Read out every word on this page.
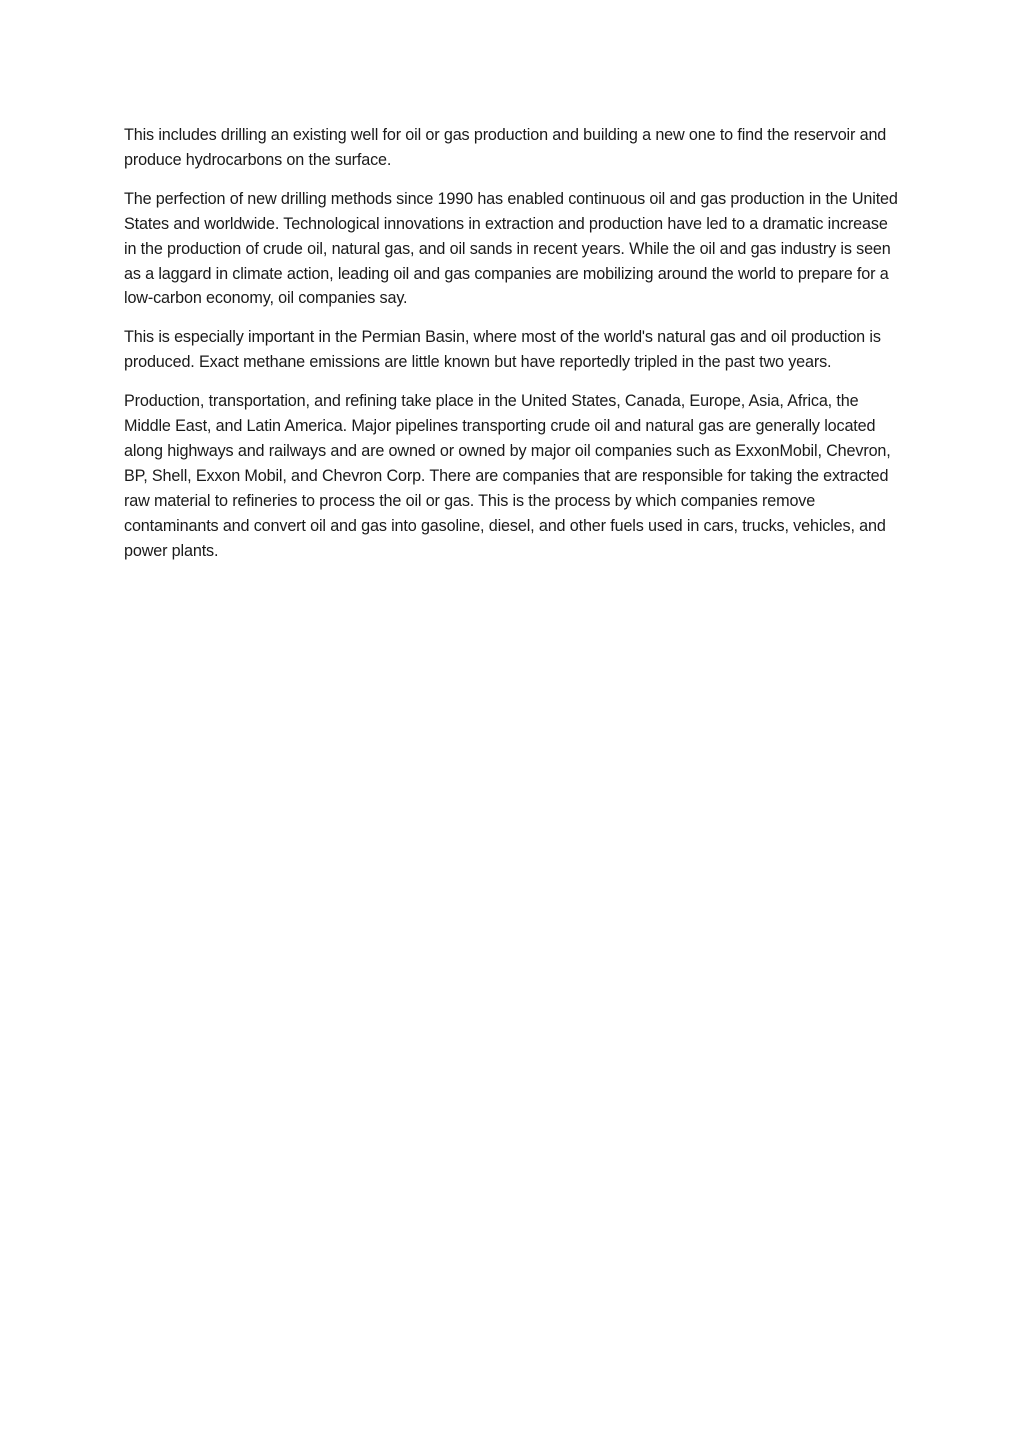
This includes drilling an existing well for oil or gas production and building a new one to find the reservoir and produce hydrocarbons on the surface.

The perfection of new drilling methods since 1990 has enabled continuous oil and gas production in the United States and worldwide. Technological innovations in extraction and production have led to a dramatic increase in the production of crude oil, natural gas, and oil sands in recent years. While the oil and gas industry is seen as a laggard in climate action, leading oil and gas companies are mobilizing around the world to prepare for a low-carbon economy, oil companies say.

This is especially important in the Permian Basin, where most of the world's natural gas and oil production is produced. Exact methane emissions are little known but have reportedly tripled in the past two years.

Production, transportation, and refining take place in the United States, Canada, Europe, Asia, Africa, the Middle East, and Latin America. Major pipelines transporting crude oil and natural gas are generally located along highways and railways and are owned or owned by major oil companies such as ExxonMobil, Chevron, BP, Shell, Exxon Mobil, and Chevron Corp. There are companies that are responsible for taking the extracted raw material to refineries to process the oil or gas. This is the process by which companies remove contaminants and convert oil and gas into gasoline, diesel, and other fuels used in cars, trucks, vehicles, and power plants.
